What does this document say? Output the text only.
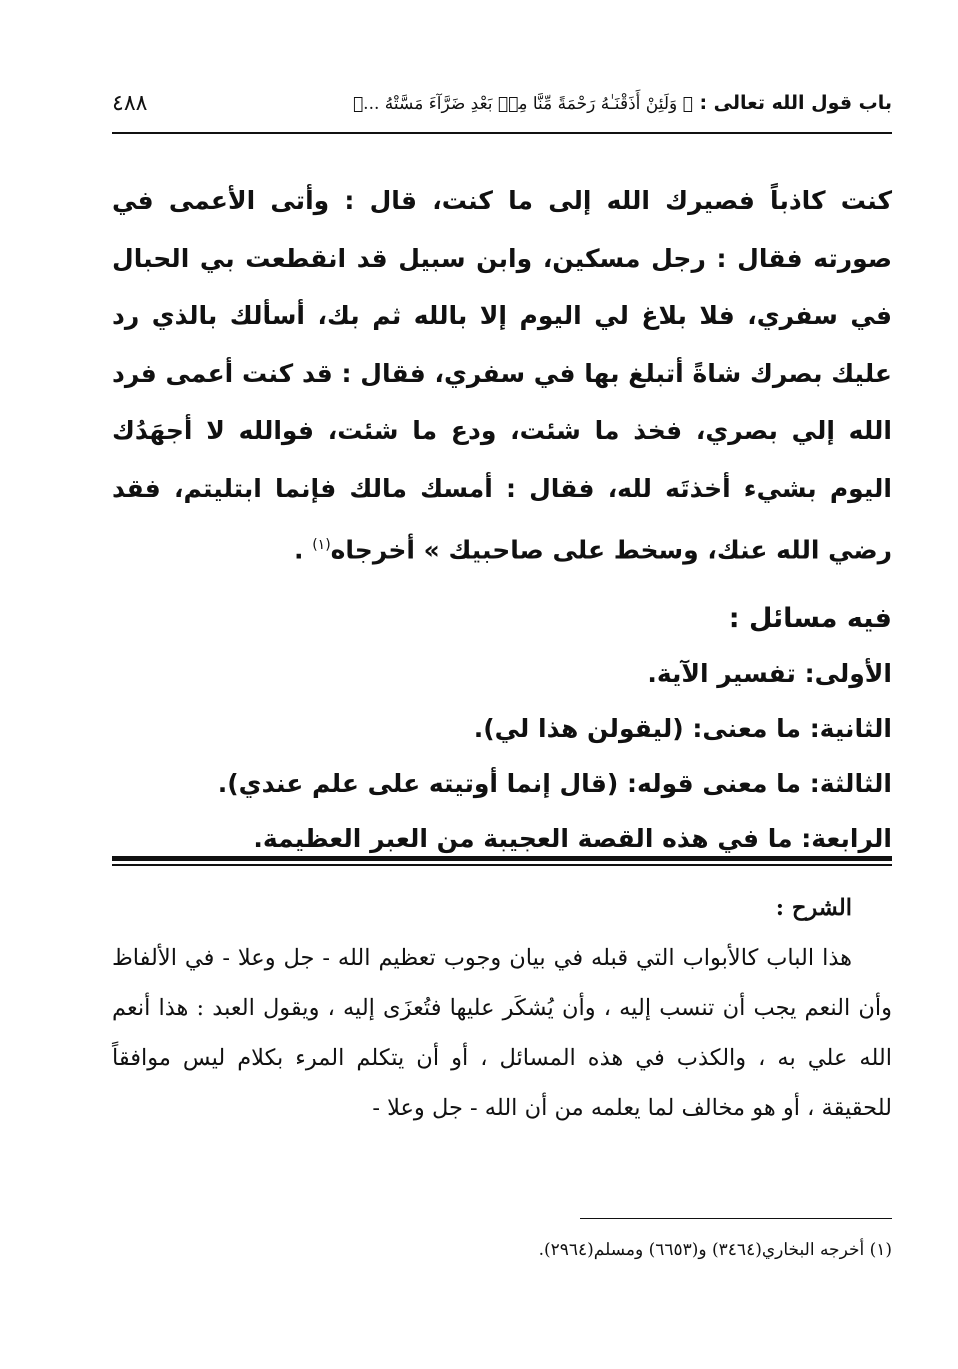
باب قول الله تعالى : ﴿ وَلَئِنْ أَذَقْنَـٰهُ رَحْمَةً مِّنَّا مِنۢ بَعْدِ ضَرَّآءَ مَسَّتْهُ ...﴾
٤٨٨

كنت كاذباً فصيرك الله إلى ما كنت، قال : وأتى الأعمى في صورته فقال : رجل مسكين، وابن سبيل قد انقطعت بي الحبال في سفري، فلا بلاغ لي اليوم إلا بالله ثم بك، أسألك بالذي رد عليك بصرك شاةً أتبلغ بها في سفري، فقال : قد كنت أعمى فرد الله إلي بصري، فخذ ما شئت، ودع ما شئت، فوالله لا أجهَدُك اليوم بشيء أخذتَه لله، فقال : أمسك مالك فإنما ابتليتم، فقد رضي الله عنك، وسخط على صاحبيك » أخرجاه$^{(١)}$ .

فيه مسائل :

الأولى: تفسير الآية.

الثانية: ما معنى: (ليقولن هذا لي).

الثالثة: ما معنى قوله: (قال إنما أوتيته على علم عندي).

الرابعة: ما في هذه القصة العجيبة من العبر العظيمة.

الشرح :

هذا الباب كالأبواب التي قبله في بيان وجوب تعظيم الله - جل وعلا - في الألفاظ وأن النعم يجب أن تنسب إليه ، وأن يُشكَر عليها فتُعزَى إليه ، ويقول العبد : هذا أنعم الله علي به ، والكذب في هذه المسائل ، أو أن يتكلم المرء بكلام ليس موافقاً للحقيقة ، أو هو مخالف لما يعلمه من أن الله - جل وعلا -

(١) أخرجه البخاري(٣٤٦٤) و(٦٦٥٣) ومسلم(٢٩٦٤).
